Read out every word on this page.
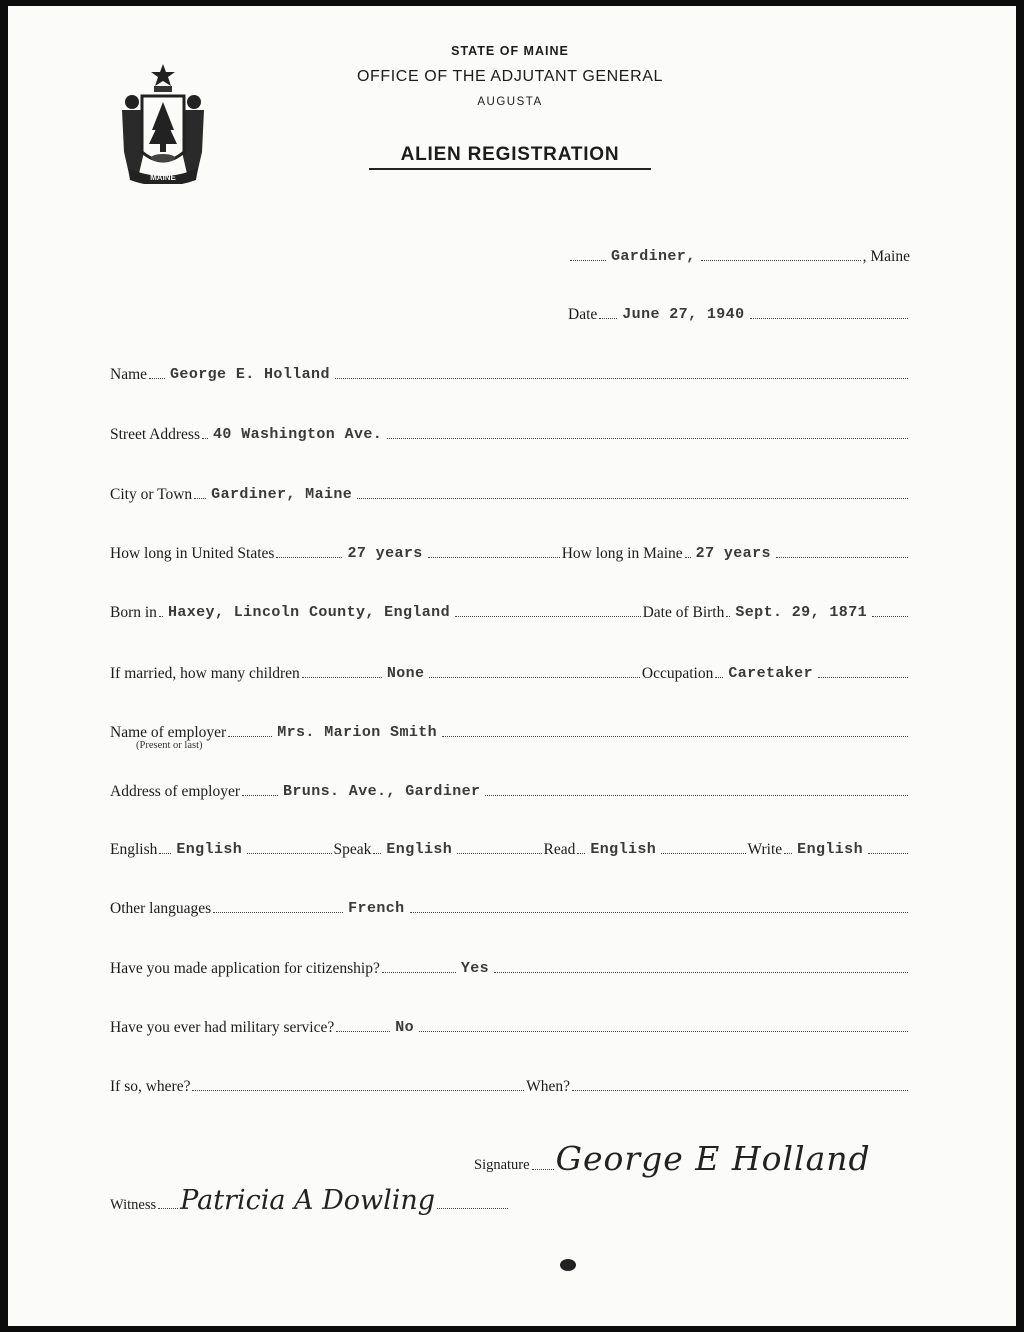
MAINE
STATE OF MAINE
OFFICE OF THE ADJUTANT GENERAL
AUGUSTA
ALIEN REGISTRATION
Gardiner,	, Maine
Date June 27, 1940
Name George E. Holland
Street Address 40 Washington Ave.
City or Town Gardiner, Maine
How long in United States	27 years	How long in Maine 27 years
Born in Haxey, Lincoln County, England	Date of Birth Sept. 29, 1871
If married, how many children	None	Occupation Caretaker
Name of employer	Mrs. Marion Smith
(Present or last)
Address of employer	Bruns. Ave., Gardiner
English English	Speak English	Read English	Write English
Other languages	French
Have you made application for citizenship?	Yes
Have you ever had military service?	No
If so, where?	When?
Signature George E Holland
Witness Patricia A Dowling
